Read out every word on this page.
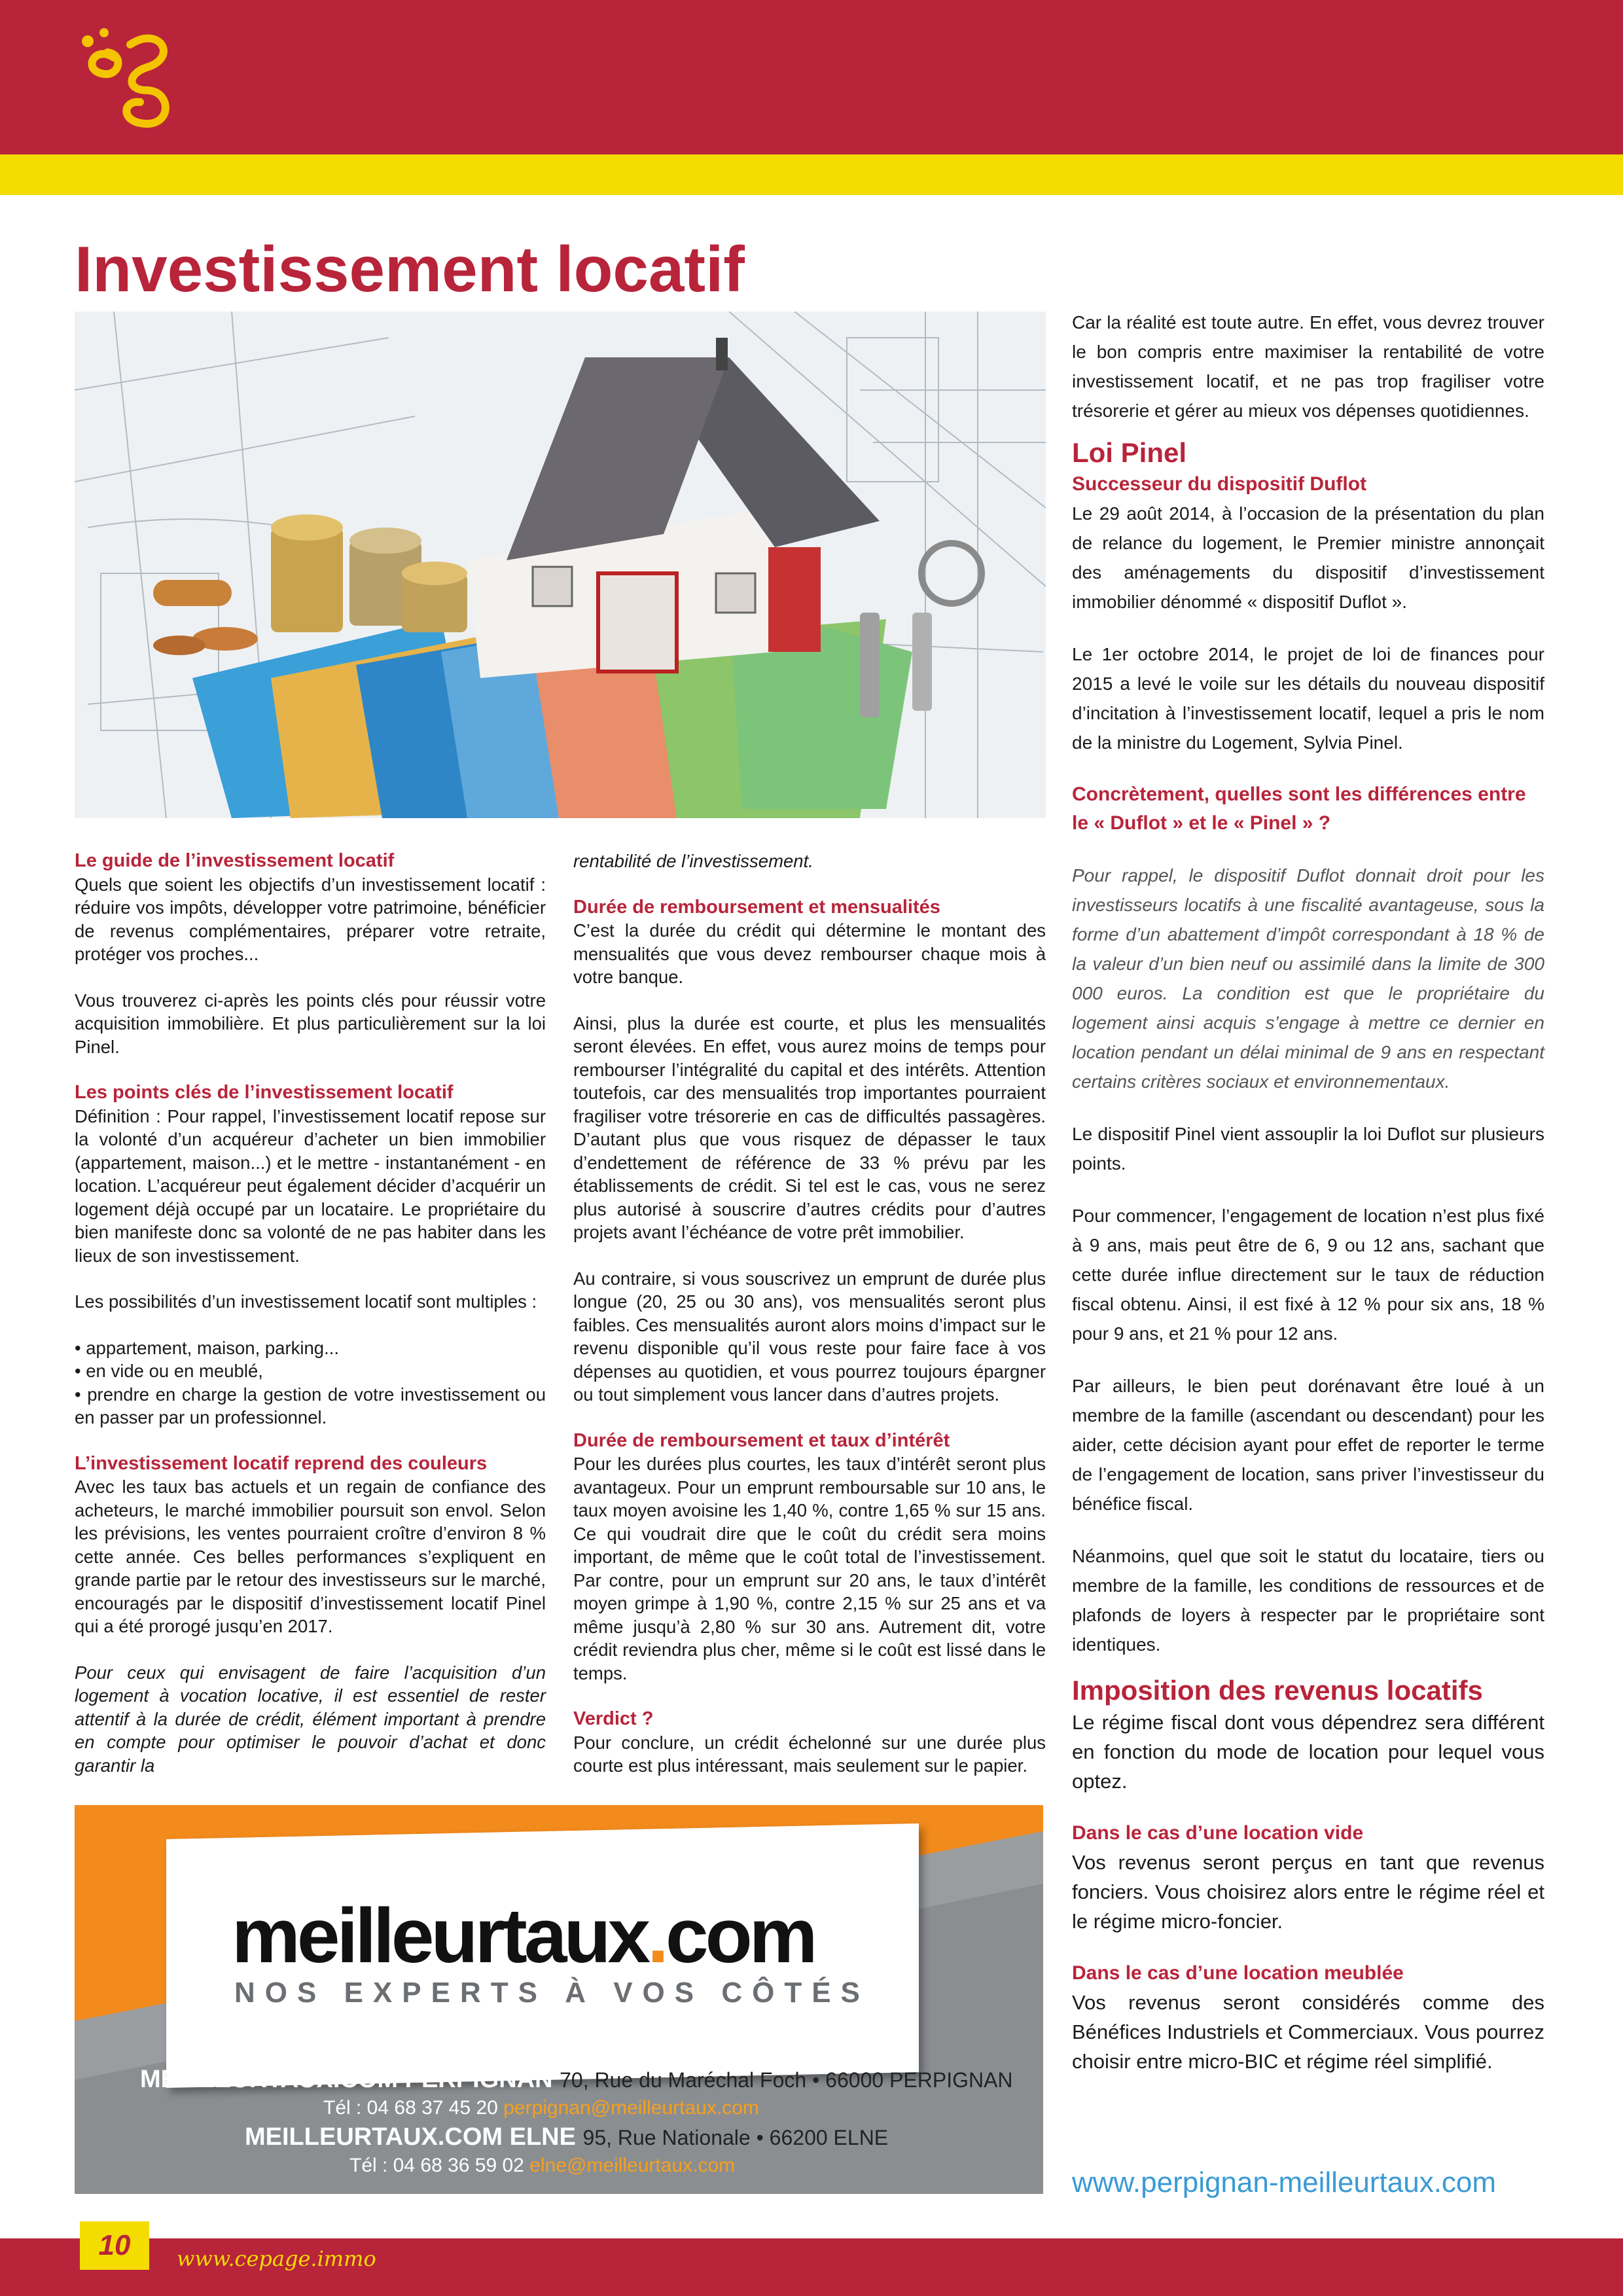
Investissement locatif

Le guide de l’investissement locatif

Quels que soient les objectifs d’un investissement locatif : réduire vos impôts, développer votre patrimoine, bénéficier de revenus complémentaires, préparer votre retraite, protéger vos proches...

Vous trouverez ci-après les points clés pour réussir votre acquisition immobilière. Et plus particulièrement sur la loi Pinel.

Les points clés de l’investissement locatif

Définition : Pour rappel, l’investissement locatif repose sur la volonté d’un acquéreur d’acheter un bien immobilier (appartement, maison...) et le mettre - instantanément - en location. L’acquéreur peut également décider d’acquérir un logement déjà occupé par un locataire. Le propriétaire du bien manifeste donc sa volonté de ne pas habiter dans les lieux de son investissement.

Les possibilités d’un investissement locatif sont multiples :

• appartement, maison, parking...

• en vide ou en meublé,

• prendre en charge la gestion de votre investissement ou en passer par un professionnel.

L’investissement locatif reprend des couleurs

Avec les taux bas actuels et un regain de confiance des acheteurs, le marché immobilier poursuit son envol. Selon les prévisions, les ventes pourraient croître d’environ 8 % cette année. Ces belles performances s’expliquent en grande partie par le retour des investisseurs sur le marché, encouragés par le dispositif d’investissement locatif Pinel qui a été prorogé jusqu’en 2017.

Pour ceux qui envisagent de faire l’acquisition d’un logement à vocation locative, il est essentiel de rester attentif à la durée de crédit, élément important à prendre en compte pour optimiser le pouvoir d’achat et donc garantir la

rentabilité de l’investissement.

Durée de remboursement et mensualités

C’est la durée du crédit qui détermine le montant des mensualités que vous devez rembourser chaque mois à votre banque.

Ainsi, plus la durée est courte, et plus les mensualités seront élevées. En effet, vous aurez moins de temps pour rembourser l’intégralité du capital et des intérêts. Attention toutefois, car des mensualités trop importantes pourraient fragiliser votre trésorerie en cas de difficultés passagères. D’autant plus que vous risquez de dépasser le taux d’endettement de référence de 33 % prévu par les établissements de crédit. Si tel est le cas, vous ne serez plus autorisé à souscrire d’autres crédits pour d’autres projets avant l’échéance de votre prêt immobilier.

Au contraire, si vous souscrivez un emprunt de durée plus longue (20, 25 ou 30 ans), vos mensualités seront plus faibles. Ces mensualités auront alors moins d’impact sur le revenu disponible qu’il vous reste pour faire face à vos dépenses au quotidien, et vous pourrez toujours épargner ou tout simplement vous lancer dans d’autres projets.

Durée de remboursement et taux d’intérêt

Pour les durées plus courtes, les taux d’intérêt seront plus avantageux. Pour un emprunt remboursable sur 10 ans, le taux moyen avoisine les 1,40 %, contre 1,65 % sur 15 ans. Ce qui voudrait dire que le coût du crédit sera moins important, de même que le coût total de l’investissement. Par contre, pour un emprunt sur 20 ans, le taux d’intérêt moyen grimpe à 1,90 %, contre 2,15 % sur 25 ans et va même jusqu’à 2,80 % sur 30 ans. Autrement dit, votre crédit reviendra plus cher, même si le coût est lissé dans le temps.

Verdict ?

Pour conclure, un crédit échelonné sur une durée plus courte est plus intéressant, mais seulement sur le papier.

Car la réalité est toute autre. En effet, vous devrez trouver le bon compris entre maximiser la rentabilité de votre investissement locatif, et ne pas trop fragiliser votre trésorerie et gérer au mieux vos dépenses quotidiennes.

Loi Pinel

Successeur du dispositif Duflot

Le 29 août 2014, à l’occasion de la présentation du plan de relance du logement, le Premier ministre annonçait des aménagements du dispositif d’investissement immobilier dénommé « dispositif Duflot ».

Le 1er octobre 2014, le projet de loi de finances pour 2015 a levé le voile sur les détails du nouveau dispositif d’incitation à l’investissement locatif, lequel a pris le nom de la ministre du Logement, Sylvia Pinel.

Concrètement, quelles sont les différences entre le « Duflot » et le « Pinel » ?

Pour rappel, le dispositif Duflot donnait droit pour les investisseurs locatifs à une fiscalité avantageuse, sous la forme d’un abattement d’impôt correspondant à 18 % de la valeur d’un bien neuf ou assimilé dans la limite de 300 000 euros. La condition est que le propriétaire du logement ainsi acquis s’engage à mettre ce dernier en location pendant un délai minimal de 9 ans en respectant certains critères sociaux et environnementaux.

Le dispositif Pinel vient assouplir la loi Duflot sur plusieurs points.

Pour commencer, l’engagement de location n’est plus fixé à 9 ans, mais peut être de 6, 9 ou 12 ans, sachant que cette durée influe directement sur le taux de réduction fiscal obtenu. Ainsi, il est fixé à 12 % pour six ans, 18 % pour 9 ans, et 21 % pour 12 ans.

Par ailleurs, le bien peut dorénavant être loué à un membre de la famille (ascendant ou descendant) pour les aider, cette décision ayant pour effet de reporter le terme de l’engagement de location, sans priver l’investisseur du bénéfice fiscal.

Néanmoins, quel que soit le statut du locataire, tiers ou membre de la famille, les conditions de ressources et de plafonds de loyers à respecter par le propriétaire sont identiques.

Imposition des revenus locatifs

Le régime fiscal dont vous dépendrez sera différent en fonction du mode de location pour lequel vous optez.

Dans le cas d’une location vide

Vos revenus seront perçus en tant que revenus fonciers. Vous choisirez alors entre le régime réel et le régime micro-foncier.

Dans le cas d’une location meublée

Vos revenus seront considérés comme des Bénéfices Industriels et Commerciaux. Vous pourrez choisir entre micro-BIC et régime réel simplifié.

www.perpignan-meilleurtaux.com
meilleurtaux.com
NOS EXPERTS À VOS CÔTÉS
MEILLEURTAUX.COM PERPIGNAN 70, Rue du Maréchal Foch • 66000 PERPIGNAN
Tél : 04 68 37 45 20 perpignan@meilleurtaux.com
MEILLEURTAUX.COM ELNE 95, Rue Nationale • 66200 ELNE
Tél : 04 68 36 59 02 elne@meilleurtaux.com
10	www.cepage.immo
